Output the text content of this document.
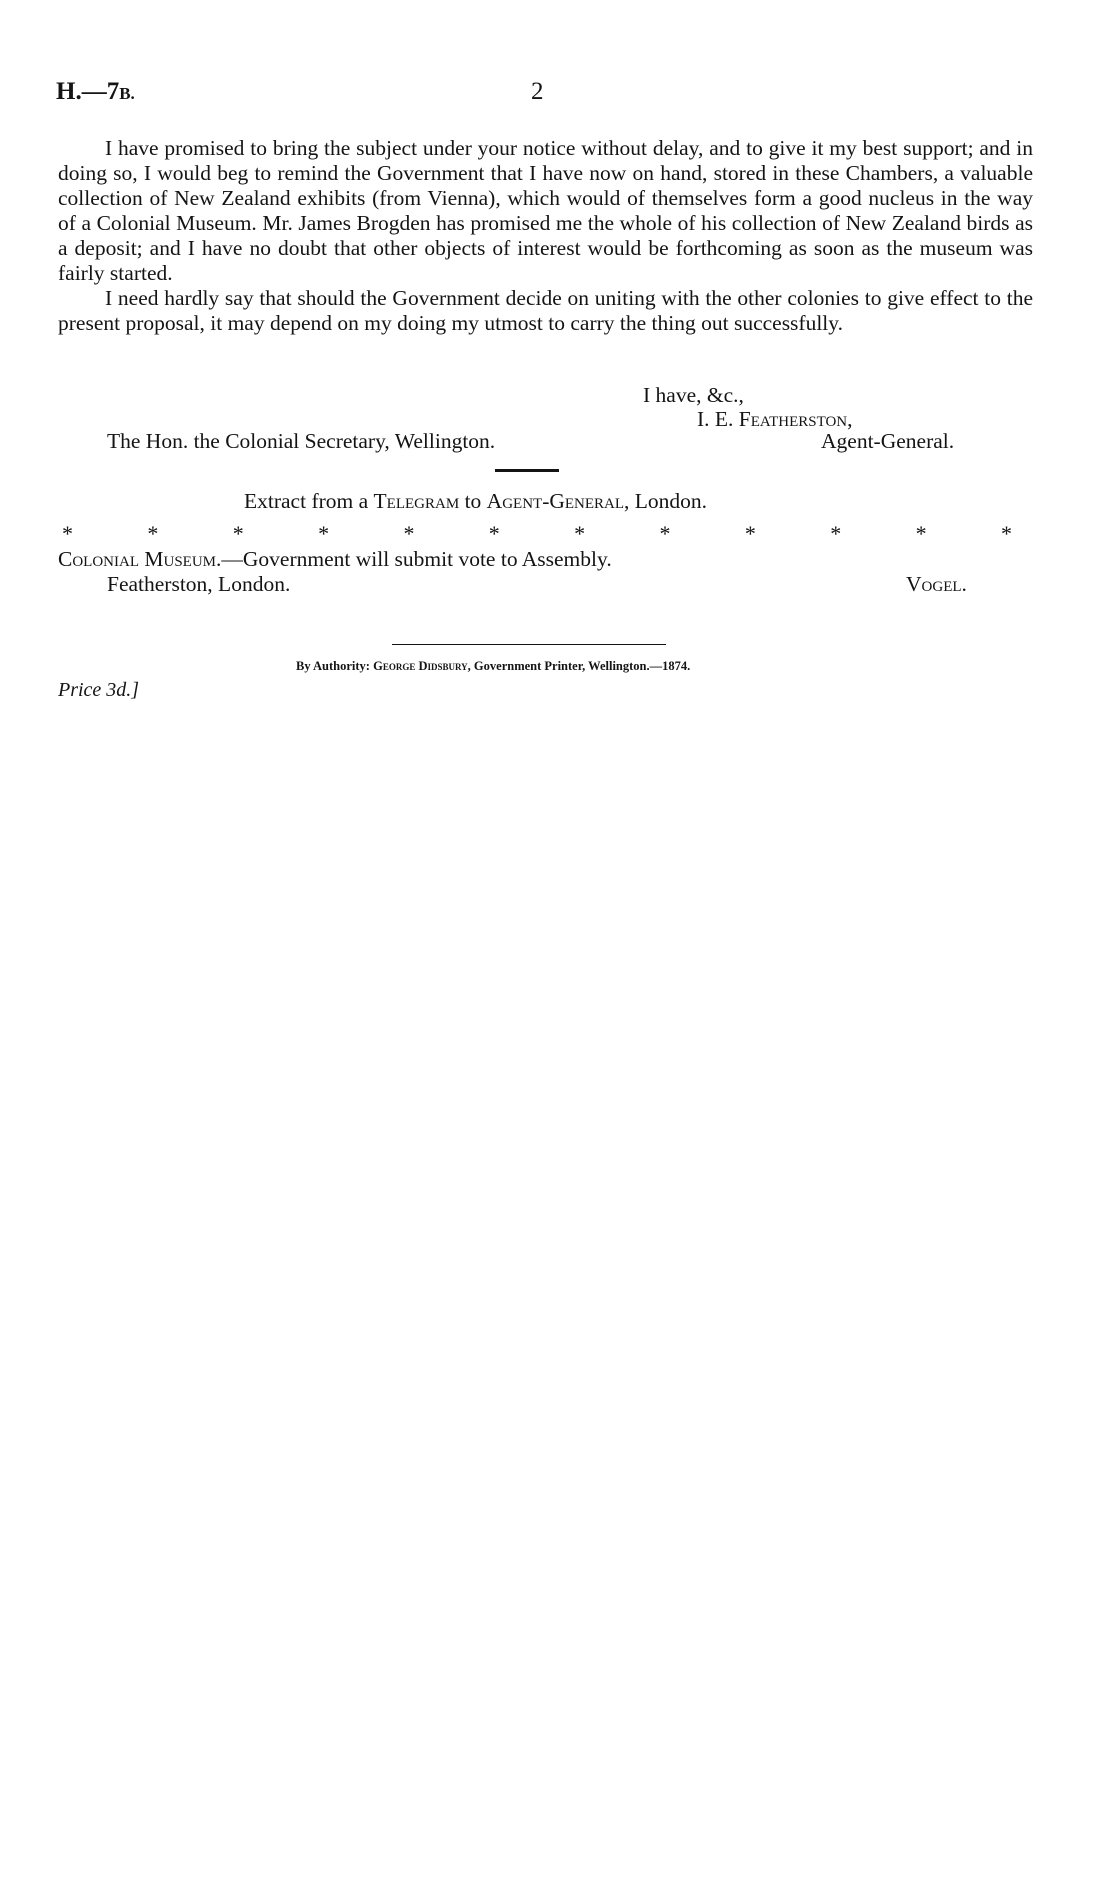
H.—7B.	2

I have promised to bring the subject under your notice without delay, and to give it my best support; and in doing so, I would beg to remind the Government that I have now on hand, stored in these Chambers, a valuable collection of New Zealand exhibits (from Vienna), which would of themselves form a good nucleus in the way of a Colonial Museum. Mr. James Brogden has promised me the whole of his collection of New Zealand birds as a deposit; and I have no doubt that other objects of interest would be forthcoming as soon as the museum was fairly started.

I need hardly say that should the Government decide on uniting with the other colonies to give effect to the present proposal, it may depend on my doing my utmost to carry the thing out successfully.

I have, &c.,
I. E. Featherston,
The Hon. the Colonial Secretary, Wellington.	Agent-General.
Extract from a Telegram to Agent-General, London.
*	*	*	*	*	*	*	*	*	*	*	*
Colonial Museum.—Government will submit vote to Assembly.
Featherston, London.	Vogel.
By Authority: George Didsbury, Government Printer, Wellington.—1874.
Price 3d.]
